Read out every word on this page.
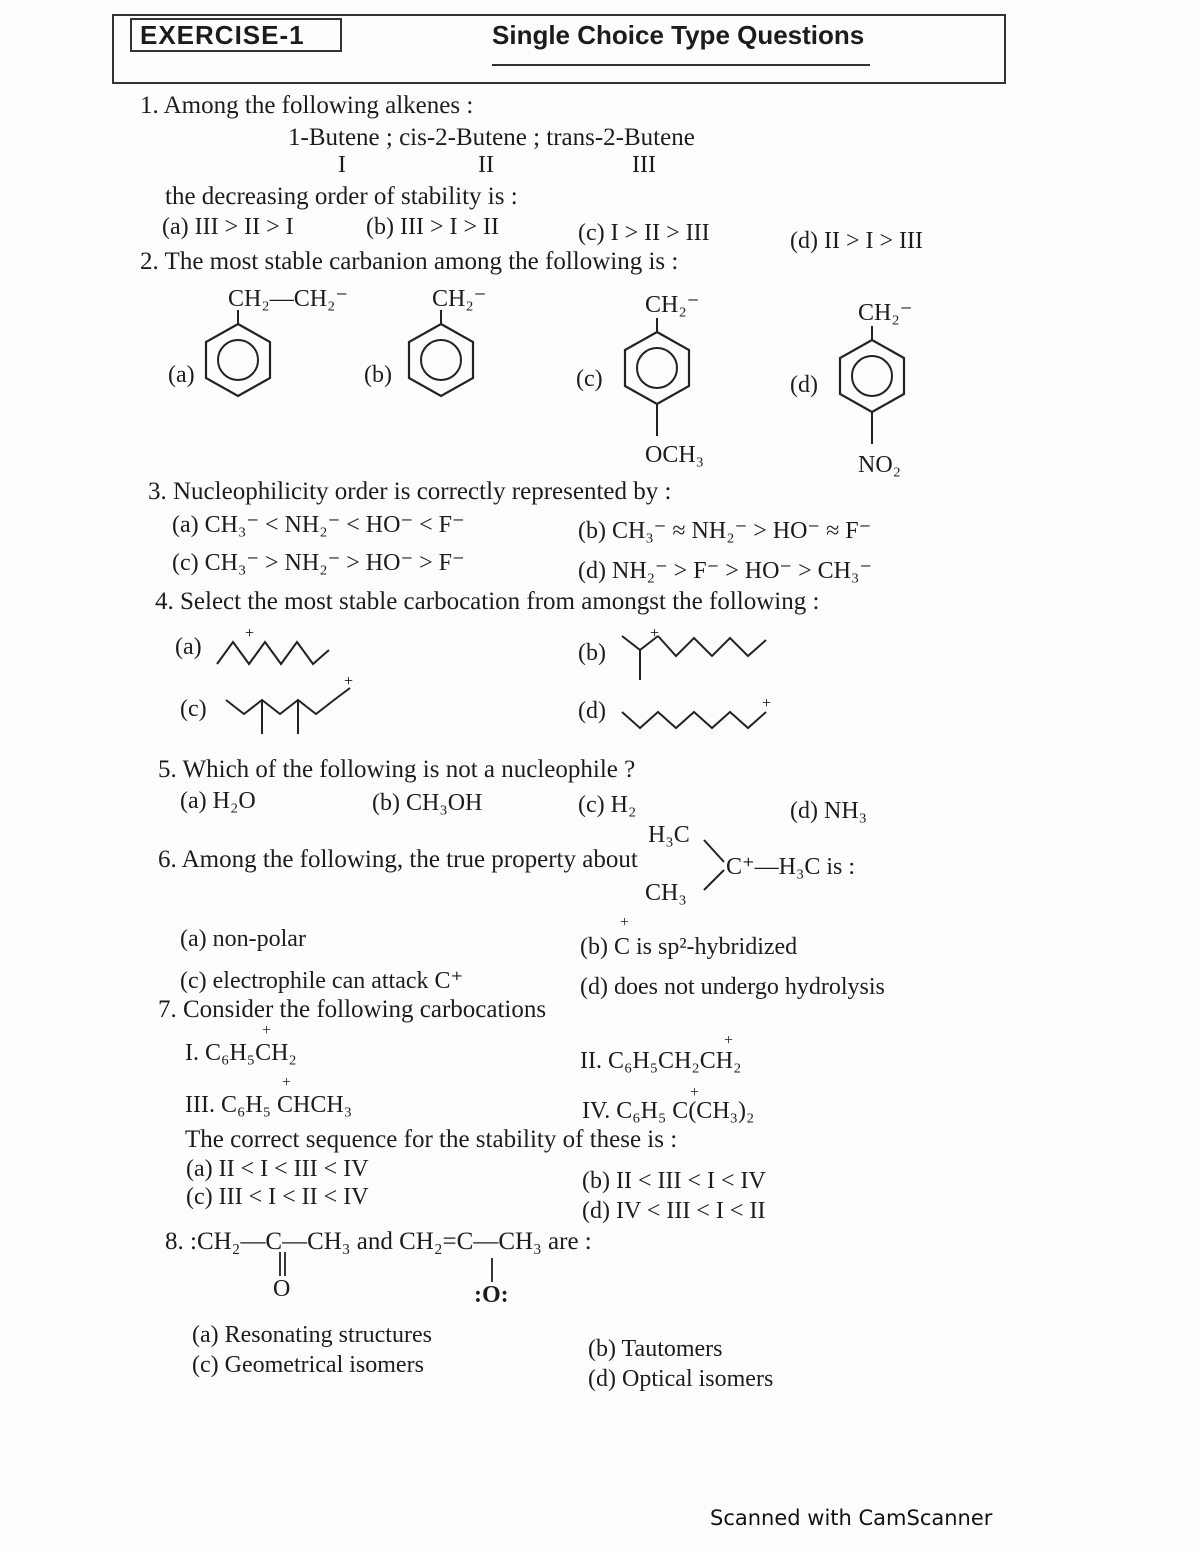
EXERCISE-1	Single Choice Type Questions
1. Among the following alkenes :
1-Butene ; cis-2-Butene ; trans-2-Butene
I	II	III
the decreasing order of stability is :
(a) III > II > I	(b) III > I > II	(c) I > II > III	(d) II > I > III
2. The most stable carbanion among the following is :
CH₂—CH₂⁻	CH₂⁻	CH₂⁻	CH₂⁻
(a)	(b)	(c)	(d)
OCH₃	NO₂
3. Nucleophilicity order is correctly represented by :
(a) CH₃⁻ < NH₂⁻ < HO⁻ < F⁻	(b) CH₃⁻ ≈ NH₂⁻ > HO⁻ ≈ F⁻
(c) CH₃⁻ > NH₂⁻ > HO⁻ > F⁻	(d) NH₂⁻ > F⁻ > HO⁻ > CH₃⁻
4. Select the most stable carbocation from amongst the following :
(a)
+
(b)
+
(c)
+
(d)	+
5. Which of the following is not a nucleophile ?
(a) H₂O	(b) CH₃OH	(c) H₂	(d) NH₃
6. Among the following, the true property about
H₃C
C⁺—H₃C is :
CH₃
(a) non-polar
+
(b) C is sp²-hybridized
(c) electrophile can attack C⁺	(d) does not undergo hydrolysis
7. Consider the following carbocations
+
I. C₆H₅CH₂	+
II. C₆H₅CH₂CH₂
+
III. C₆H₅ CHCH₃	+
IV. C₆H₅ C(CH₃)₂
The correct sequence for the stability of these is :
(a) II < I < III < IV	(b) II < III < I < IV
(c) III < I < II < IV
(d) IV < III < I < II
8. :CH₂—C—CH₃ and CH₂=C—CH₃ are :
O	:O:
(a) Resonating structures
(b) Tautomers
(c) Geometrical isomers
(d) Optical isomers
Scanned with CamScanner
